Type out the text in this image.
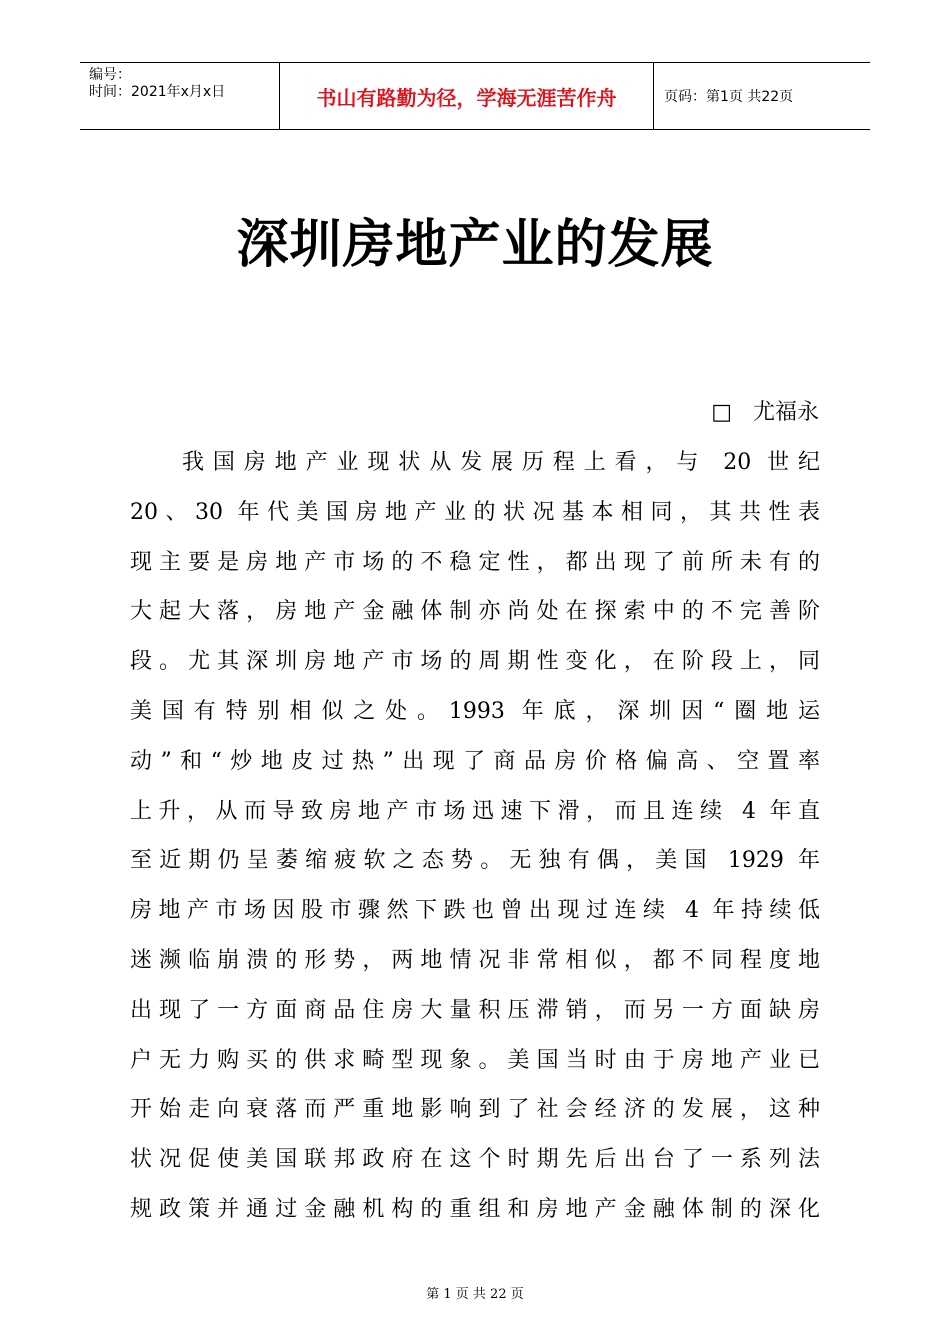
编号：
时间：2021年x月x日	书山有路勤为径，学海无涯苦作舟	页码：第1页 共22页
深圳房地产业的发展
□   尤福永
我国房地产业现状从发展历程上看，与 20 世纪
20、30 年代美国房地产业的状况基本相同，其共性表
现主要是房地产市场的不稳定性，都出现了前所未有的
大起大落，房地产金融体制亦尚处在探索中的不完善阶
段。尤其深圳房地产市场的周期性变化，在阶段上，同
美国有特别相似之处。1993 年底，深圳因“圈地运
动”和“炒地皮过热”出现了商品房价格偏高、空置率
上升，从而导致房地产市场迅速下滑，而且连续 4 年直
至近期仍呈萎缩疲软之态势。无独有偶，美国 1929 年
房地产市场因股市骤然下跌也曾出现过连续 4 年持续低
迷濒临崩溃的形势，两地情况非常相似，都不同程度地
出现了一方面商品住房大量积压滞销，而另一方面缺房
户无力购买的供求畸型现象。美国当时由于房地产业已
开始走向衰落而严重地影响到了社会经济的发展，这种
状况促使美国联邦政府在这个时期先后出台了一系列法
规政策并通过金融机构的重组和房地产金融体制的深化
第 1 页 共 22 页
